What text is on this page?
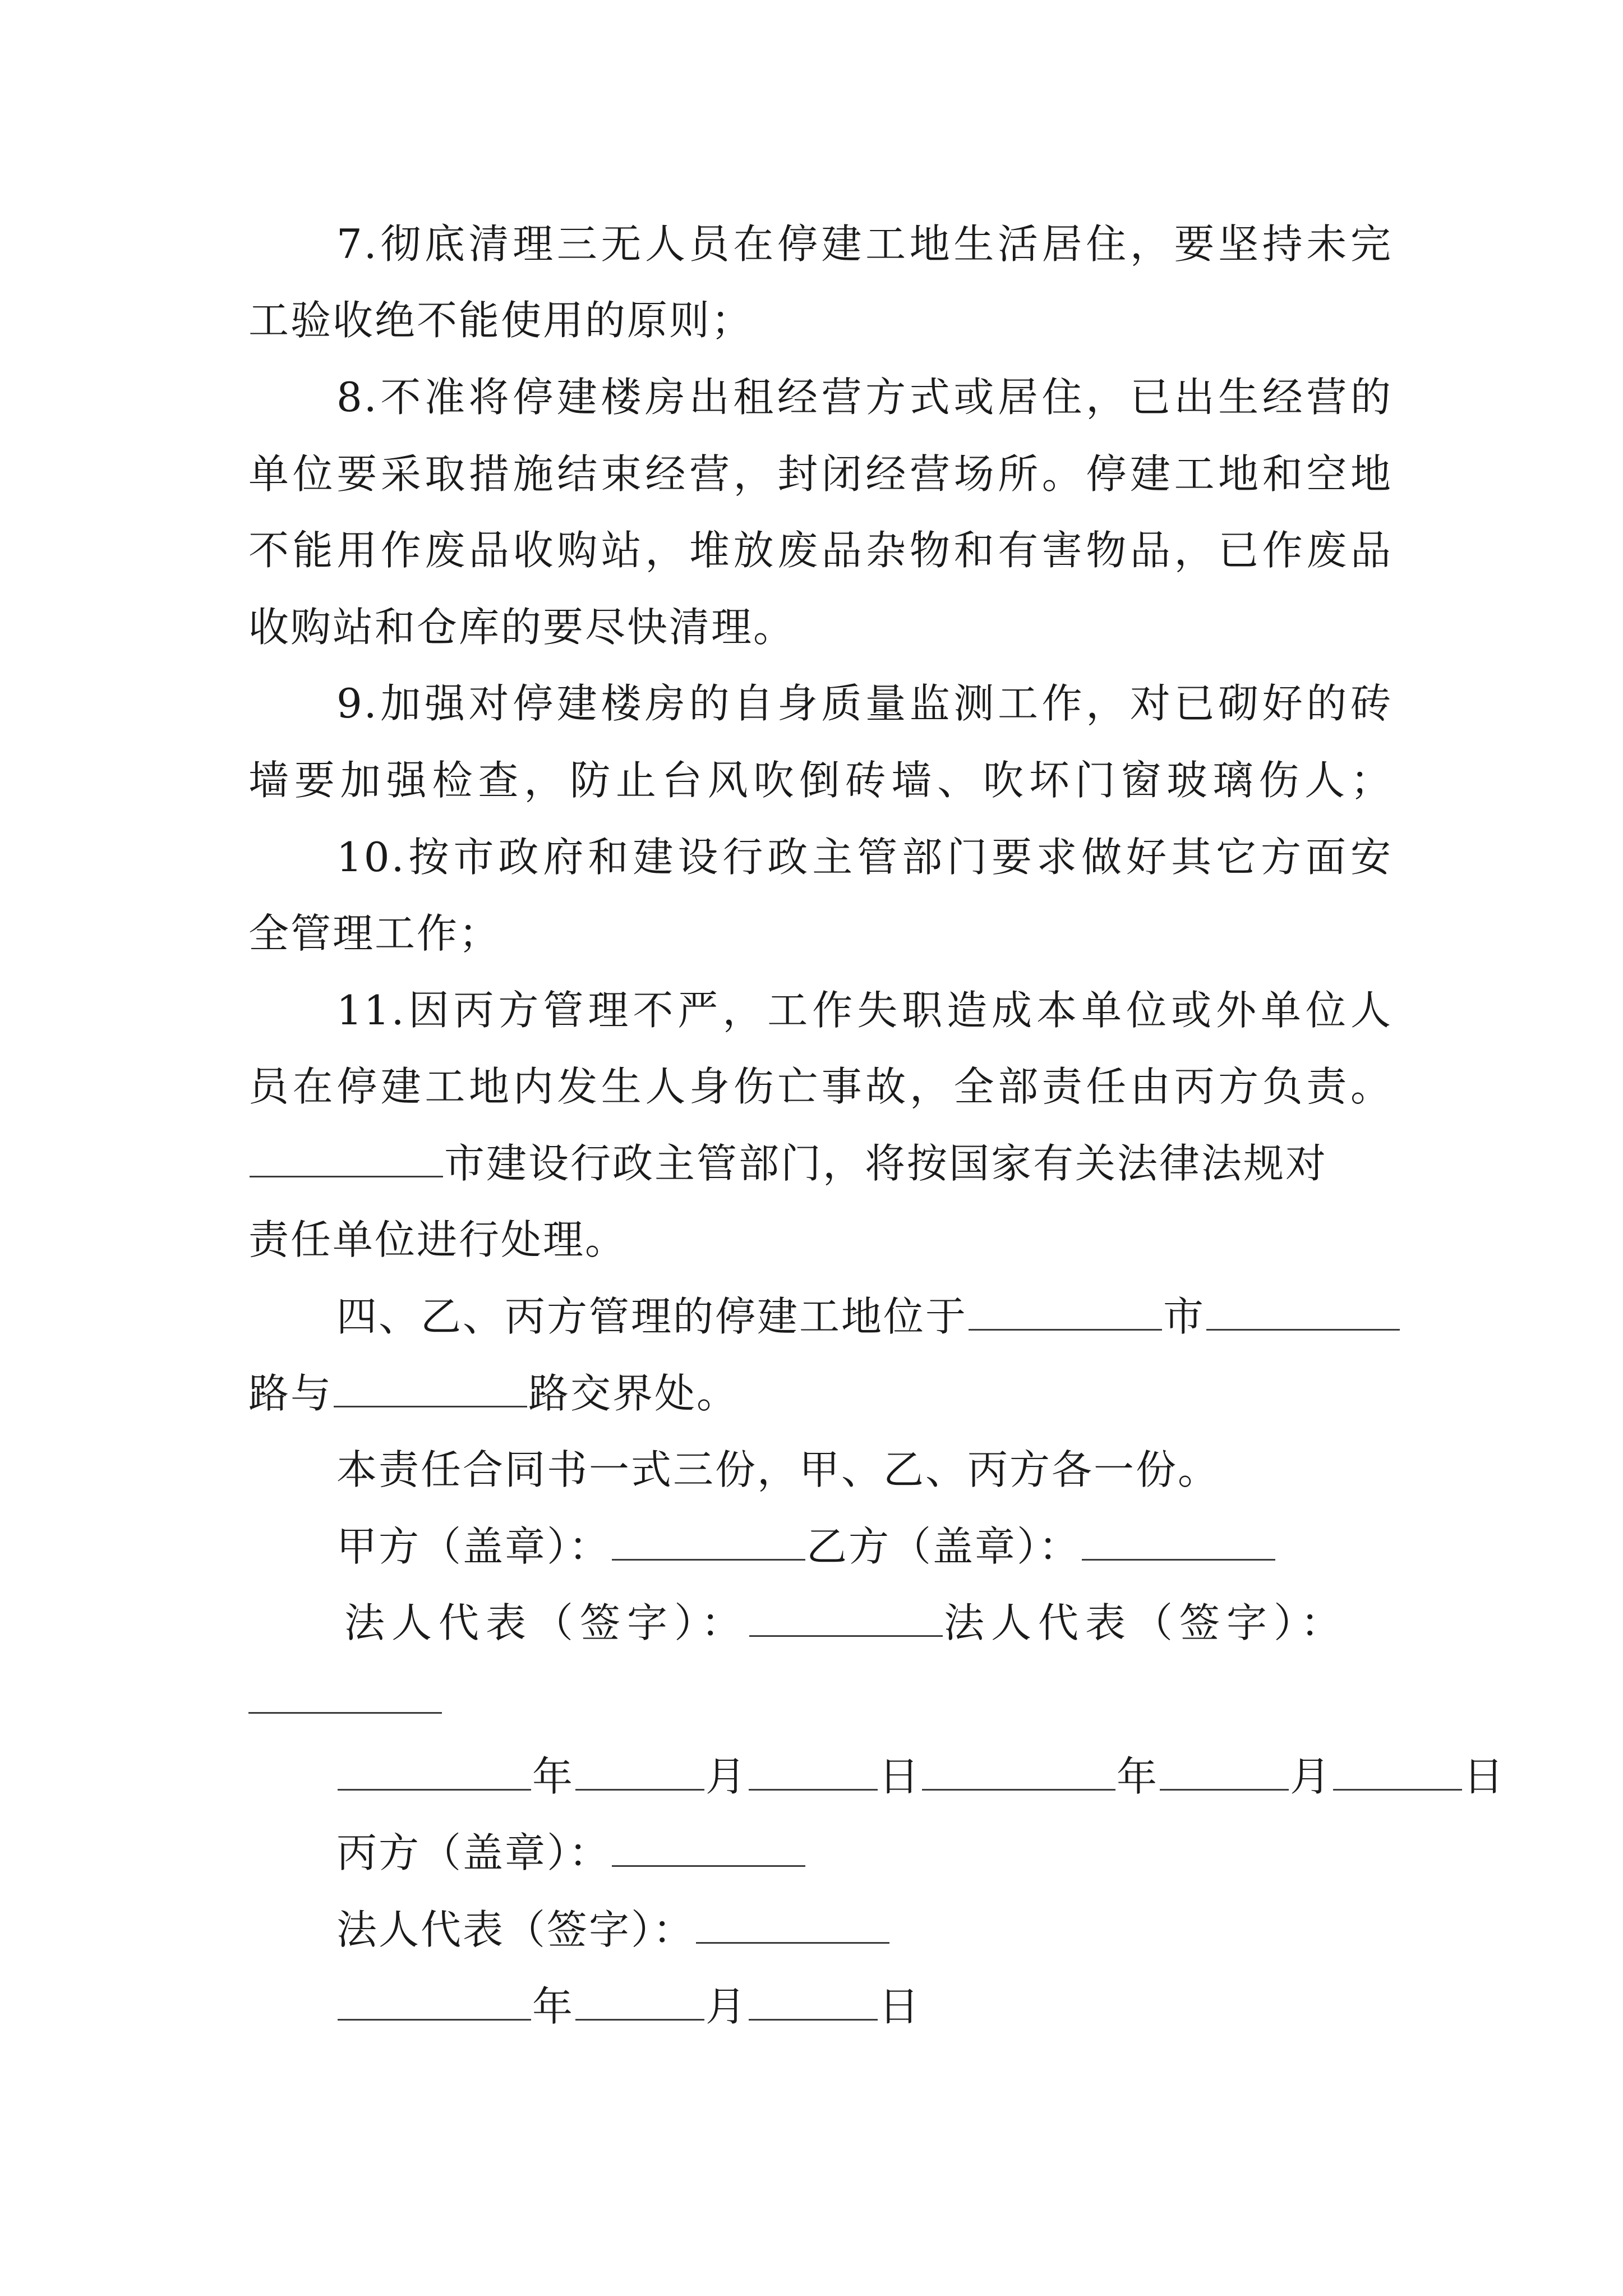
7.彻底清理三无人员在停建工地生活居住，要坚持未完
工验收绝不能使用的原则；
8.不准将停建楼房出租经营方式或居住，已出生经营的
单位要采取措施结束经营，封闭经营场所。停建工地和空地
不能用作废品收购站，堆放废品杂物和有害物品，已作废品
收购站和仓库的要尽快清理。
9.加强对停建楼房的自身质量监测工作，对已砌好的砖
墙要加强检查，防止台风吹倒砖墙、吹坏门窗玻璃伤人；
10.按市政府和建设行政主管部门要求做好其它方面安
全管理工作；
11.因丙方管理不严，工作失职造成本单位或外单位人
员在停建工地内发生人身伤亡事故，全部责任由丙方负责。
市建设行政主管部门，将按国家有关法律法规对
责任单位进行处理。
四、乙、丙方管理的停建工地位于	市
路与	路交界处。
本责任合同书一式三份，甲、乙、丙方各一份。
甲方（盖章）：	乙方（盖章）：
法人代表（签字）：	法人代表（签字）：
年	月	日	年	月	日
丙方（盖章）：
法人代表（签字）：
年	月	日
